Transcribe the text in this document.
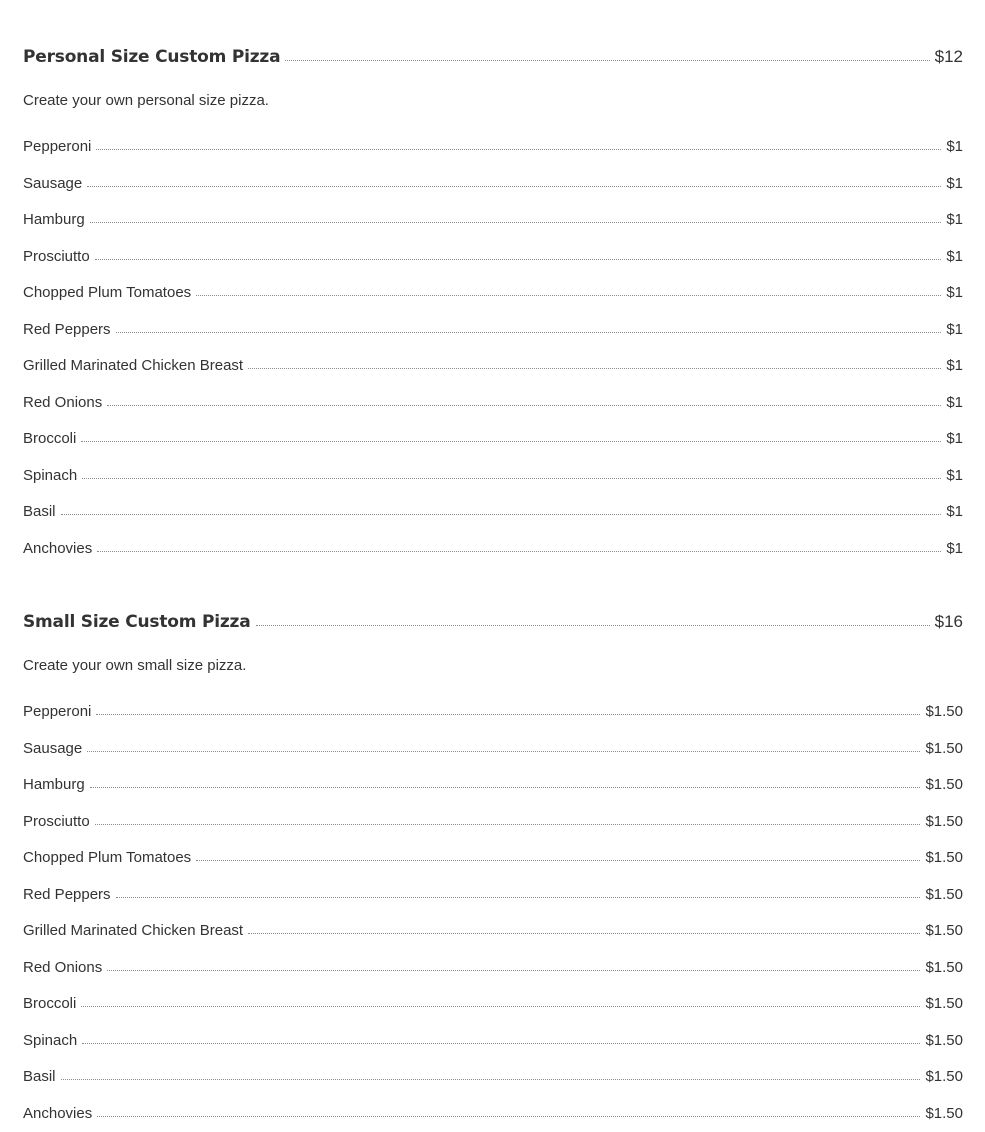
Personal Size Custom Pizza	$12
Create your own personal size pizza.
Pepperoni	$1
Sausage	$1
Hamburg	$1
Prosciutto	$1
Chopped Plum Tomatoes	$1
Red Peppers	$1
Grilled Marinated Chicken Breast	$1
Red Onions	$1
Broccoli	$1
Spinach	$1
Basil	$1
Anchovies	$1
Small Size Custom Pizza	$16
Create your own small size pizza.
Pepperoni	$1.50
Sausage	$1.50
Hamburg	$1.50
Prosciutto	$1.50
Chopped Plum Tomatoes	$1.50
Red Peppers	$1.50
Grilled Marinated Chicken Breast	$1.50
Red Onions	$1.50
Broccoli	$1.50
Spinach	$1.50
Basil	$1.50
Anchovies	$1.50
